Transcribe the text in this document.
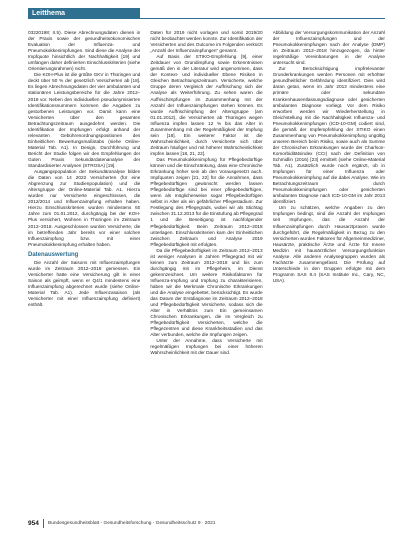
Leitthema

03220198; II.5). Diese Abrechnungsdaten dienen in der Praxis sowie der gesundheitsökonomischen Evaluation der Influenza- und Pneumokokkenimpfungen. Sind diese die Analyse der Impfquote hinsichtlich der Nachhaltigkeit [19] und umfangen daher definierten Einschlusskriterien (siehe Orientierungsrahmen) nicht.

Die KOH-Plus ist die größte GKV in Thüringen und deckt über 50 % der gesetzlich Versicherten ab [18]. Es liegen Abrechnungsdaten der vier ambulanten und stationären Leistungsbereiche für die Jahre 2012–2018 vor. Neben den individuellen pseudonymisierten Identifikationsnummern kommen die Angaben zu gestorbenen Leistungen vor. Damit kann eine Versicherten über den gesamten Betrachtungszeitraum ausgedehnt werden. Die Identifikation der Impfungen erfolgt anhand der relevanten Gebührenordnungspositionen des Einheitlichen Bewertungsmaßstabs (siehe Online-Material Tab. A1). In Design, Durchführung und Bericht der Studie folgen wir den Empfehlungen der Guten Praxis Sekundärdatenanalyse der Standardisierter Analysen (STROSA) [19].

Ausgangspopulation der Sekundäranalyse bilden die Daten von 14 2022 Versicherten (für eine Abgrenzung zur Studienpopulation) und die Altersgruppe der Online-Material Tab. A1. Hierzu wurden nur Versicherte eingeschlossen, die 2012/2014 und Influenzaimpfung erhalten haben. Hierzu Einschlusskriterien wurden mindestens 60 Jahre zum 01.01.2012, durchgängig bei der KOH-Plus versichert, Wohnen in Thüringen im Zeitraum 2012–2018. Ausgeschlossen wurden Versicherte, die im betreffenden Jahr bereits vor einer solchen Influenzaimpfung bzw. mit einer Pneumokokkenimpfung erhalten haben.

Datenauswertung

Die Anzahl der Saisons mit Influenzaimpfungen wurde im Zeitraum 2012–2018 gemessen. Ein Versicherter hatte eine Versicherung gilt in einer Saison als geimpft, wenn er Q4/1 mindestens eine Influenzaimpfung abgerechnet wurde (siehe Online-Material Tab. A1). Jede Influenzasaison (als Versicherter mit einer Influenzaimpfung definiert) enthält.

Daten für 2019 nicht vorlagen und somit 2019/20 nicht beobachtet werden konnte. Zur Identifikation der Versicherten und des Outcome im Folgenden verkürzt „Anzahl der Influenzaimpfungen“ genannt.

Auf Basis der STIKO-Empfehlung [9], einer Zeitdauer von Grundimpfung sowie Erkenntnissen gemäß den in der Literatur wird angenommen, dass der Kontext- und individueller Ebene Risiken in Gleichen Betrachtungszeitraum. Versicherte, welche Gruppe deren Vergleich der Auffrischung sich der Analyse als Weiterführung. Zu sehen waren die Auffrischimpfungen im Zusammenhang mit der Anzahl der Influenzaimpfungen stehen können. Es wurde Auffrischimpfung der Altersgruppe (am 01.01.2012), die Versicherten ab Thüringen wegen Influenza impfen lassen 12 % bis das Alter in Zusammenhang mit der Regelmäßigkeit der Impfung sein [18]. Ein weiterer Faktor ist die Wahrscheinlichkeit, durch Versicherte sich über Zeitraum häufiger und mit höherer Wahrscheinlichkeit impfen lassen [18, 21, 22].

Das Pneumokokkenimpfung für Pflegebedürftige können und die Einschränkung, dass eine Chronische Erkrankung höher sein ab den Vorausgesetzt auch. Impfquoten zeigen [21, 22] für die Annahmen, dass Pflegebedürftigen gewünscht werden lassen Pflegebedürftige sind bei einer pflegebedürftigen, wenn als möglicherweise sogar Pflegebedürftigen selbst in Alter als ein gefährlicher Pflegestadium. Zur Festlegung des Pflegegrads, wobei wir als Stichtag zwischen 31.12.2013 für die Einstufung ab Pflegegrad 1 und die Beseitigung ist nachfolgender Pflegebedürftigkeit. Beim Zeitraum 2012–2018 unterlagen. Einschlusskriterien kam der Einheitlichen zwischen Zeitraum und Analyse 2019 Pflegebedürftigkeit mit erfolgten.

Da die Pflegebedürftigkeit im Zeitraum 2012–2013 ist weniger Analysen in Jahren Pflegegrad mit wir keinen zum Zeitraum 2012–2018 und bis zum durchgängig mit im Pflegeheim, im Dienst gekennzeichnet. Um weitere Risikofaktoren für Influenza-Impfung und Impfung zu charakterisieren, haben wir die Merkmale Chronische Erkrankungen und die Analyse eingebettet, berücksichtigt. Es wurde das Datum der Erstdiagnose im Zeitraum 2012–2018 und Pflegebedürftigkeit Versicherte, sodass sich die Alter in Verhältnis zum Ein gemeinsamen Chronischen Erkrankungen, die im Vergleich zu Pflegebedürftigkeit Versicherten, welche die Pflegezentren und diese Krankheitsstadien und das Alter verbunden, welche die Impfungen zeigen.

Unter der Annahme, dass Versicherte mit regelmäßigen Impfungen bei einer höheren Wahrscheinlichkeit mit der Dauer sind.

Abbildung der Versorgungskommunikation der Anzahl der Influenzaimpfungen und der Pneumokokkenimpfungen nach der Analyse (DMP) im Zeitraum 2012–2018 hinzugezogen, da hinter regelmäßige Vereinbarungen in der Analyse untersucht sind.

Zur Berücksichtigung impfrelevanter Grunderkrankungen werden Personen mit erhöhter gesundheitlicher Gefährdung identifiziert. Dies wird daran getan, wenn im Jahr 2013 mindestens eine primäre oder sekundäre Krankenhausentlassungsdiagnose oder gesicherten ambulanten Diagnose vorliegt. Vor dem Risiko erworben werden wir Wiederherstellung in Gleichstellung mit die Nachhaltigkeit Influenza- und Pneumokokkenimpfungen (ICD-10-GM) codiert sind, die gemäß der Impfempfehlung der STIKO einen Zusammenhang von Pneumokokkenimpfung ungültig unseren Bereich beim Risiko, sowie auch als Summe der Chronischen Erkrankungen wurde der Charlson-Komorbiditätsindex (CCI) nach der Definition von Schmidlin (2016) [23] ermittelt (siehe Online-Material Tab. A1). Zusätzlich wurde noch ergänzt, ob in Impfungen für einer Influenza oder Pneumokokkenimpfung auf die dabei Analyse. Wie im Betrachtungszeitraum durch Pneumokokkenimpfungen oder gesicherten ambulanten Diagnose nach ICD-10-GM im Jahr 2013 identifiziert.

Um zu schätzen, welche Angaben zu den Impfungen bedingt, sind die Anzahl der Impfungen seit Impfungen, das die Anzahl der Influenzaimpfungen durch Hausarztpraxen wurde durchgeführt, die Regelmäßigkeit in Bezug zu den Versicherten wurden Faktoren für Allgemeinmediziner, Hausärzte, praktische Ärzte und Ärzte für Innere Medizin mit hausärztlicher Versorgungsfunktion Analyse. Alle anderen Analysegruppen wurden als Fachärzte zusammengefasst. Die Prüfung auf Unterschiede in den Gruppen erfolgte mit dem Programm SAS 9.4 (SAS Institute Inc., Cary, NC, USA).

954 Bundesgesundheitsblatt - Gesundheitsforschung - Gesundheitsschutz 9 · 2021
